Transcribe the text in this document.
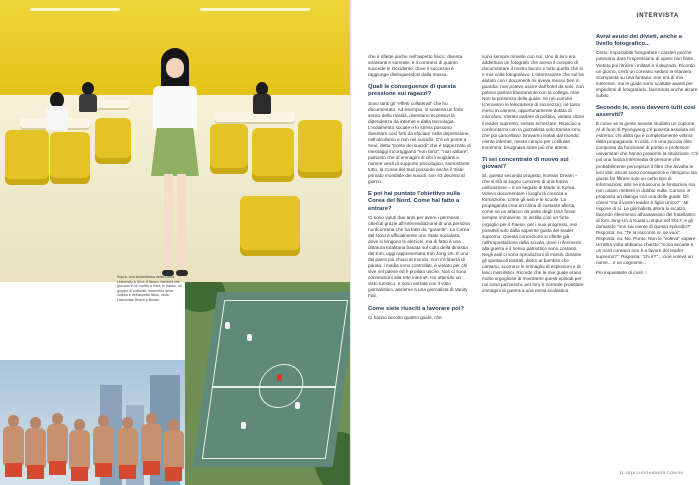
Sopra, una studentessa della Korea University a Seul; A fianco, bambini che giocano in un cortile a Seul; In basso, un gruppo di culturisti, fenomeno della cultura e dell'aspetto fisico, nella Haeundae Beach a Busan.
INTERVISTA

che è riflette anche nell'aspetto fisico: diventa stranianti e surreale: è il contrario di quanto succede in Occidente, dove il successo è raggiunge distinguendosi dalla massa.

Quali le conseguenze di questa pressione sui ragazzi?

Sono tanti gli "effetti collaterali" che ho documentato. Ad esempio, si scatena un forte senso della rivalità, diventano eccessivi la dipendenza da internet e dalla tecnologia. L'isolamento sociale e lo stress possono diventare così forti da sfociare nella depressione, nell'alcolismo e non nel suicidio. C'è un ponte a Seul, detto "ponte dei suicidi" che è tappezzato di messaggi incoraggianti "non farlo", "non saltare", piuttosto che di immagini di cibi invoglianti e numeri verdi di supporto psicologico. Nonostante tutto, la Corea del Sud possiede anche il triste primato mondiale dei suicidi, con 43 decessi al giorno.

E poi hai puntato l'obiettivo sulla Corea del Nord. Come hai fatto a entrare?

Ci sono voluti due anni per avere i permessi, ottenuti grazie all'intermediazione di una persona nordcoreana che ha fatto da "garante". La Corea del Nord è ufficialmente uno Stato socialista, dove si tengono le elezioni, ma di fatto è una dittatura totalitaria basata sul culto della dinastia dei Kim, oggi rappresentata Kim Jong Un. È uno dei paesi più chiusi al mondo, non c'è libertà di parola, i media sono controllati, è vietato per chi vive nel paese ed è proibito uscire. Non ci sono connessioni alla rete internet. Ho ottenuto un visto turistico, e sono entrata con il visto giornalistico, assieme a una giornalista di Vanity Fair.

Come siete riusciti a lavorare poi?

Ci hanno accolto quattro guide, che

sono sempre rimaste con noi. Uno di loro era addirittura un fotografo che aveva il compito di documentare il nostro lavoro e tutto quello che io e mia volta fotografavo. L'interessante che sul ha aiutato con i documenti mi aveva messo ben in guardia: non potevo uscire dall'hotel da solo, non potevo parlare liberamente con la collega, mai! Non la presenza delle guide, né nei corridoi (c'eravano le telecamere di sicurezza), né tanto meno in camera, opportunamente dotata di microfoni. Vietato parlare di politica, vietato citare il leader supremo, vietato scherzare. Riuscivo a confrontarmi con la giornalista solo tramite sms, che poi cancellavo. Eravamo isolati dal mondo: niente internet, niente campo per i cellulari. Insomma, bisognava stare più che attenti.

Ti sei concentrato di nuovo sui giovani?

Sì, questo secondo progetto, Korean Dream – che si rifà al sogno concreto di una futura unificazione – è un seguito di Made in Korea. Volevo documentare i luoghi di crescita e formazione, come gli asili e le scuole. La propaganda crea un clima di costante allerta, come se un attacco da parte degli USA fosse sempre imminente. Si instilla così un forte orgoglio per il Paese, per i suoi progressi, resi possibili solo dalla sapiente guida del leader supremo. Questa concezione si riflette già nell'impostazione della scuola, dove i riferimenti alla guerra e il senso patriottico sono costanti. Negli asili ci sono riproduzioni di missili, durante gli spettacoli teatrali, dietro ai bambini che cantano, scorrono le immagini di esplosioni e di lanci missilistici. Ricordo che le mie guide erano molto orgogliose di mostrarmi questi episodi per noi sono pazzeschi, per loro è normale proiettare immagini di guerra a una recita scolastica.

Avrai avuto dei divieti, anche a livello fotografico...

Certo: impossibile fotografare i cantieri perché potevano dare l'impressione di opere non finite. Vietato poi ritrarre i militari e il degrado. Ricordo un giorno, c'era un coreano seduto in maniera scomposta su una fontana: non era di mio interesse, ma le guide sono scattate avanti per impedirmi di fotografarlo, facendolo anche alzare subito.

Secondo te, sono davvero tutti così asserviti?

È come se la gente avesse studiato un copione. Al di fuori di Pyongyang c'è povertà assoluta ed estrema: chi abita qui è completamente vittima della propaganda. In città, c'è una piccola élite composta da funzionari di partito e professori universitari che hanno presente la situazione. C'è poi una fascia intermedia di persone che probabilmente percepisce il filtro che avvolta le loro vite: alcuni sono consapevoli e ritengono sia giusto far filtrare solo un certo tipo di informazioni; altri ne intuiscono le limitazioni ma non osano mettere in dubbio nulla. Curioso in proposito un dialogo con una delle guide. Gli chiesi "ma il vostro leader è figlio unico?". Mi rispose di sì. La giornalista allora lo incalzò, facendo riferimento all'assassinio del fratellastro di Kim Jong-Un a Kuala Lumpur nel 2017, e gli domandò "non sai niente di questo episodio?". Risposta: no. "Te lo racconto io, se vuoi". Risposta: no. No. Punto. Non lo "voleva" sapere. Un'altra volta abbiamo chiesto: "cosa accade a un nord coreano non è a favore del leader supremo?". Risposta: "chi è?"... cioè voleva un nome... e un cognome...

Più inquietante di così! ○

11·2018 LUOGHIDHOR.COM 69
